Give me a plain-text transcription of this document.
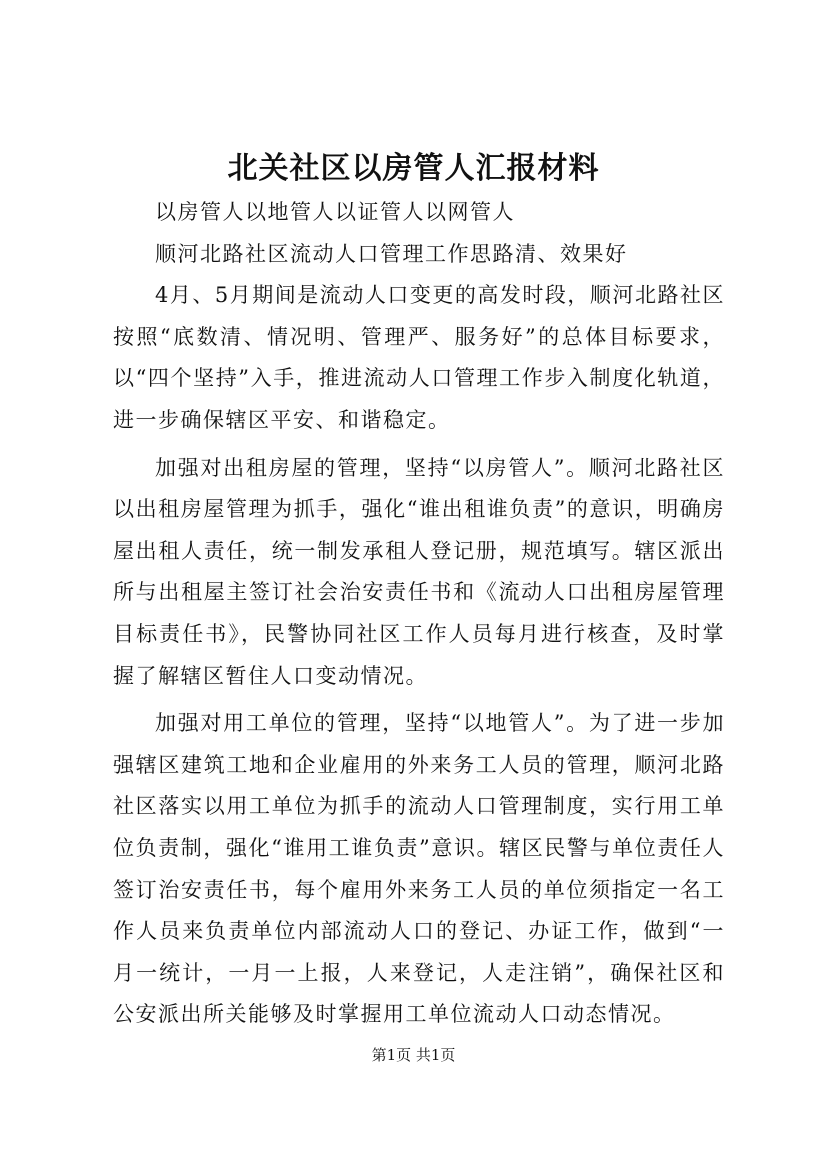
北关社区以房管人汇报材料

以房管人以地管人以证管人以网管人

顺河北路社区流动人口管理工作思路清、效果好

4月、5月期间是流动人口变更的高发时段，顺河北路社区按照“底数清、情况明、管理严、服务好”的总体目标要求，以“四个坚持”入手，推进流动人口管理工作步入制度化轨道，进一步确保辖区平安、和谐稳定。

加强对出租房屋的管理，坚持“以房管人”。顺河北路社区以出租房屋管理为抓手，强化“谁出租谁负责”的意识，明确房屋出租人责任，统一制发承租人登记册，规范填写。辖区派出所与出租屋主签订社会治安责任书和《流动人口出租房屋管理目标责任书》，民警协同社区工作人员每月进行核查，及时掌握了解辖区暂住人口变动情况。

加强对用工单位的管理，坚持“以地管人”。为了进一步加强辖区建筑工地和企业雇用的外来务工人员的管理，顺河北路社区落实以用工单位为抓手的流动人口管理制度，实行用工单位负责制，强化“谁用工谁负责”意识。辖区民警与单位责任人签订治安责任书，每个雇用外来务工人员的单位须指定一名工作人员来负责单位内部流动人口的登记、办证工作，做到“一月一统计，一月一上报，人来登记，人走注销”，确保社区和公安派出所关能够及时掌握用工单位流动人口动态情况。

第1页 共1页
